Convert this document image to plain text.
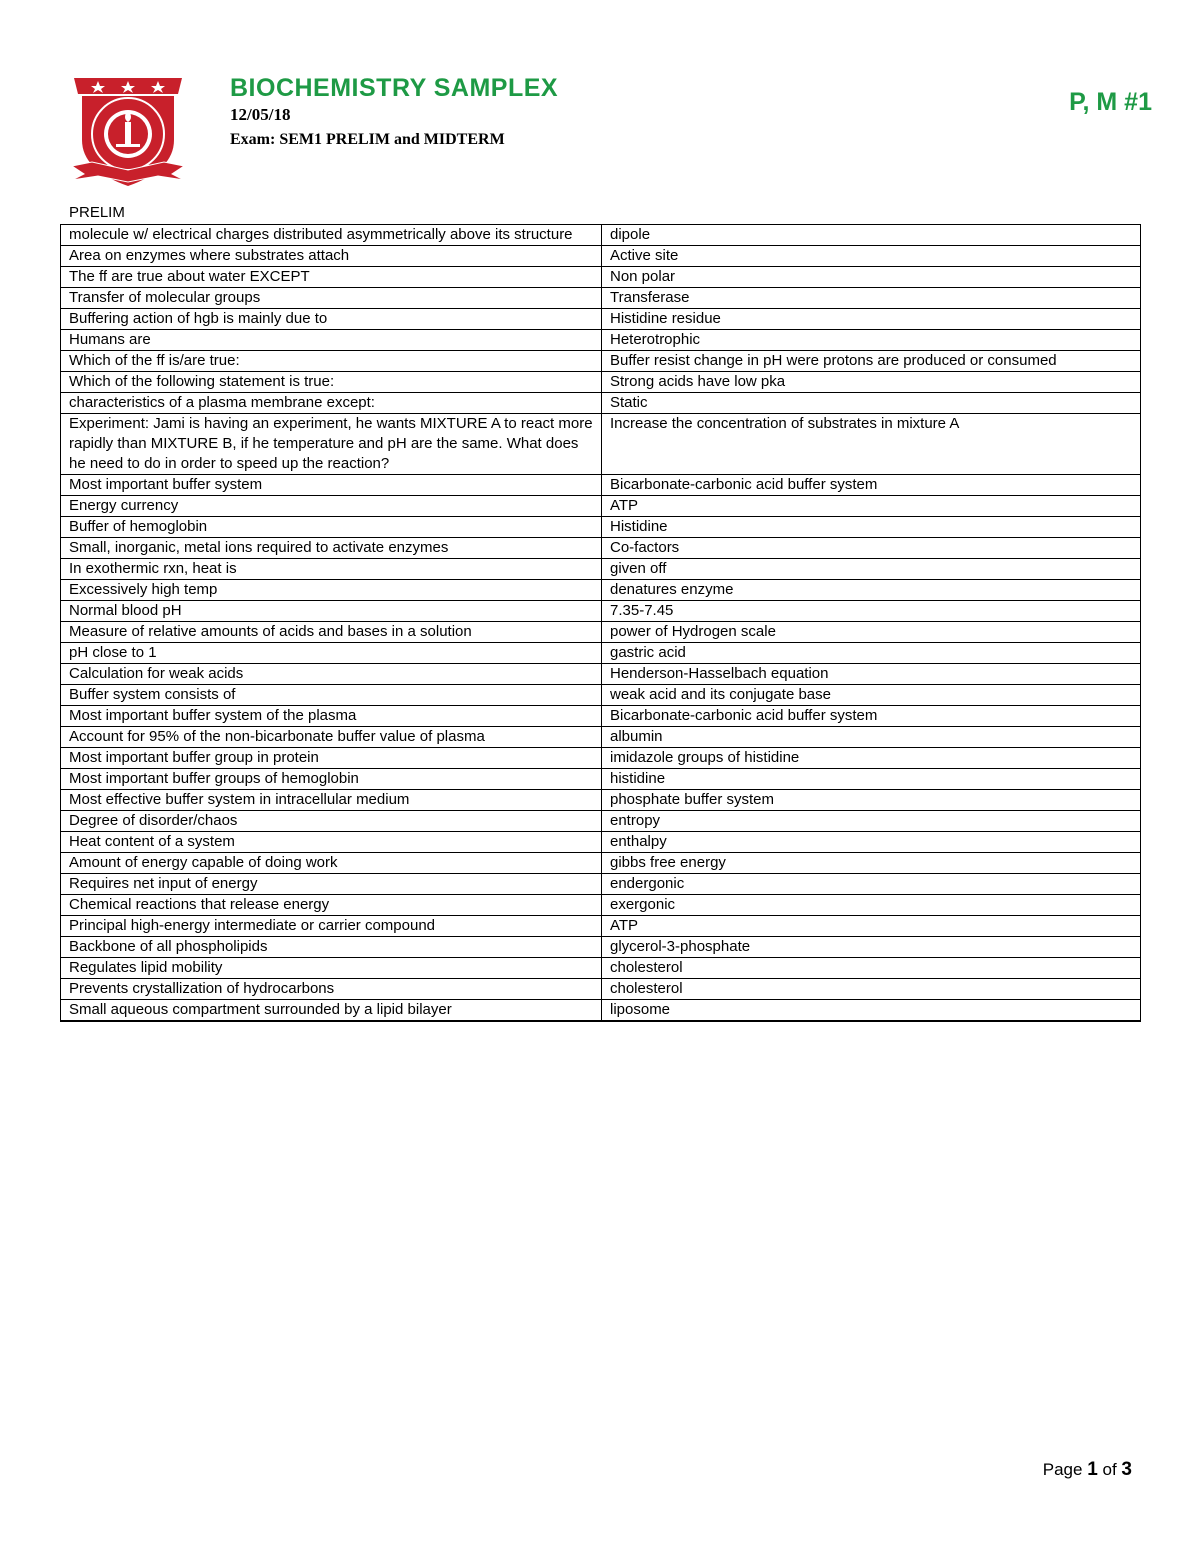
BIOCHEMISTRY SAMPLEX
12/05/18
Exam: SEM1 PRELIM and MIDTERM
P, M #1
PRELIM
molecule w/ electrical charges distributed asymmetrically above its structure	dipole
Area on enzymes where substrates attach	Active site
The ff are true about water EXCEPT	Non polar
Transfer of molecular groups	Transferase
Buffering action of hgb is mainly due to	Histidine residue
Humans are	Heterotrophic
Which of the ff is/are true:	Buffer resist change in pH were protons are produced or consumed
Which of the following statement is true:	Strong acids have low pka
characteristics of a plasma membrane except:	Static
Experiment: Jami is having an experiment, he wants MIXTURE A to react more rapidly than MIXTURE B, if he temperature and pH are the same. What does he need to do in order to speed up the reaction?	Increase the concentration of substrates in mixture A
Most important buffer system	Bicarbonate-carbonic acid buffer system
Energy currency	ATP
Buffer of hemoglobin	Histidine
Small, inorganic, metal ions required to activate enzymes	Co-factors
In exothermic rxn, heat is	given off
Excessively high temp	denatures enzyme
Normal blood pH	7.35-7.45
Measure of relative amounts of acids and bases in a solution	power of Hydrogen scale
pH close to 1	gastric acid
Calculation for weak acids	Henderson-Hasselbach equation
Buffer system consists of	weak acid and its conjugate base
Most important buffer system of the plasma	Bicarbonate-carbonic acid buffer system
Account for 95% of the non-bicarbonate buffer value of plasma	albumin
Most important buffer group in protein	imidazole groups of histidine
Most important buffer groups of hemoglobin	histidine
Most effective buffer system in intracellular medium	phosphate buffer system
Degree of disorder/chaos	entropy
Heat content of a system	enthalpy
Amount of energy capable of doing work	gibbs free energy
Requires net input of energy	endergonic
Chemical reactions that release energy	exergonic
Principal high-energy intermediate or carrier compound	ATP
Backbone of all phospholipids	glycerol-3-phosphate
Regulates lipid mobility	cholesterol
Prevents crystallization of hydrocarbons	cholesterol
Small aqueous compartment surrounded by a lipid bilayer	liposome
Page 1 of 3
